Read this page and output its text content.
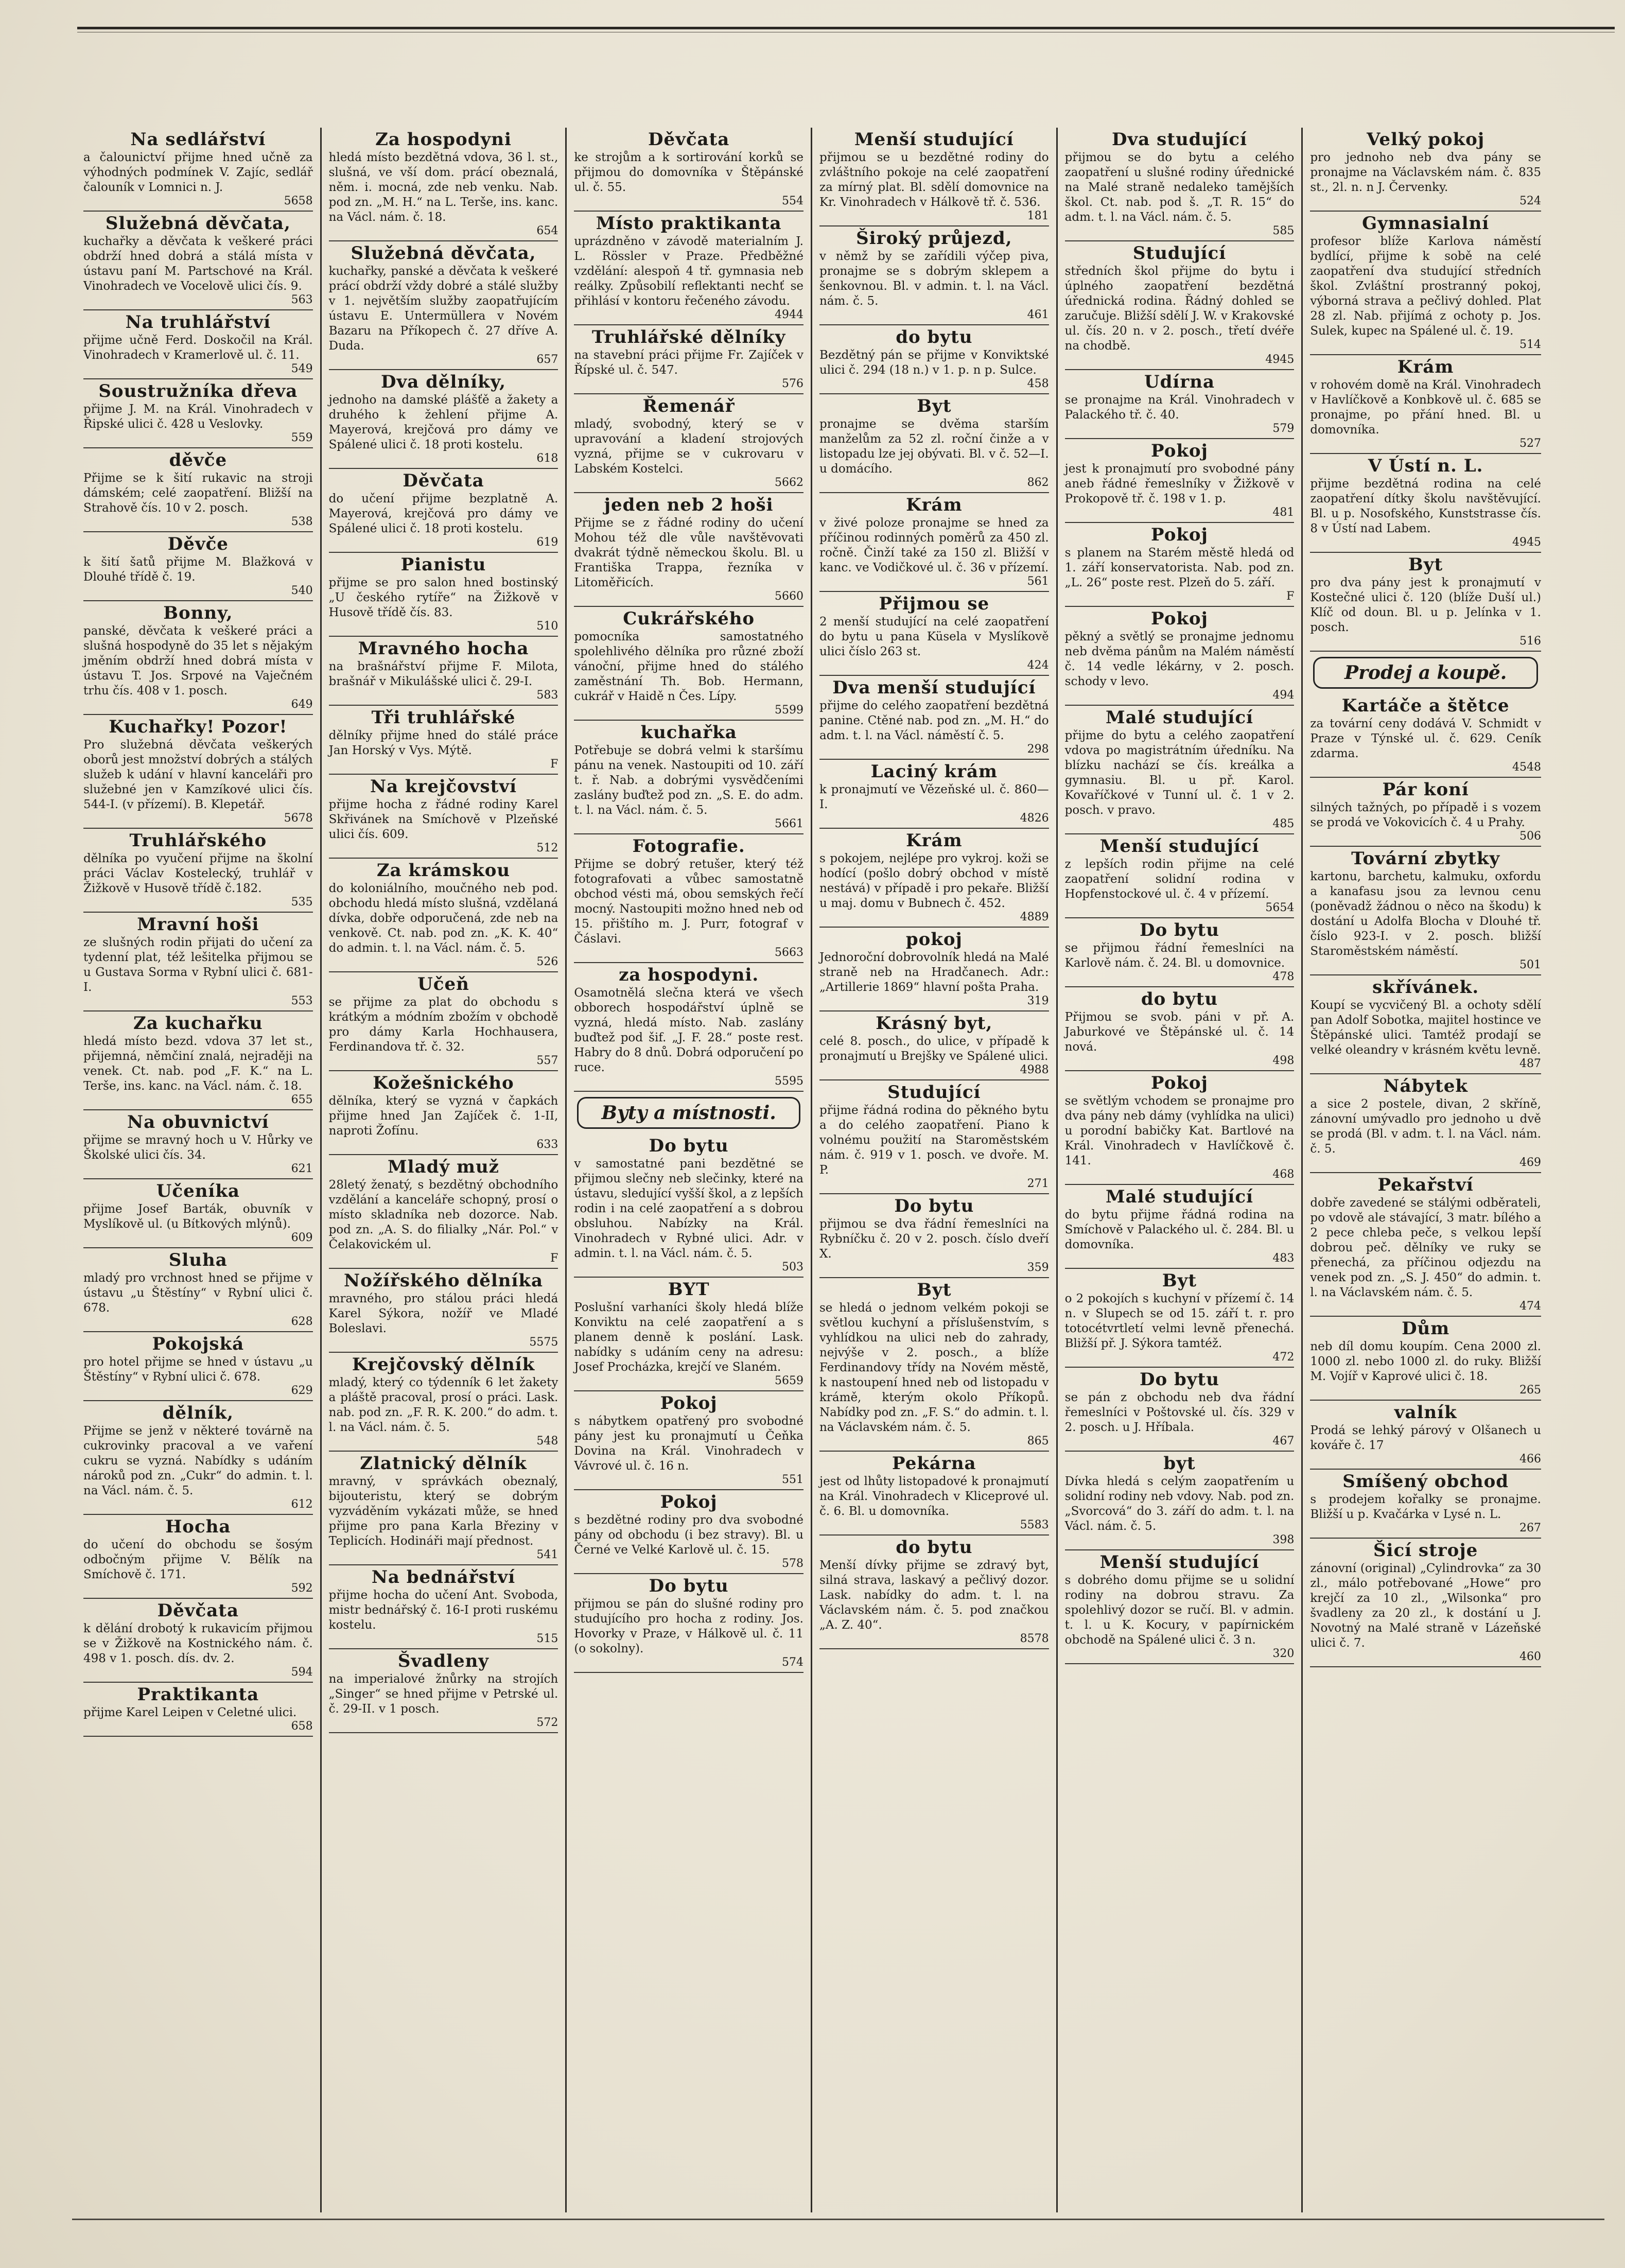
Na sedlářství

a čalounictví přijme hned učně za výhodných podmínek V. Zajíc, sedlář čalouník v Lomnici n. J.

5658
Služebná děvčata,

kuchařky a děvčata k veškeré práci obdrží hned dobrá a stálá místa v ústavu paní M. Partschové na Král. Vinohradech ve Vocelově ulici čís. 9.

563
Na truhlářství

přijme učně Ferd. Doskočil na Král. Vinohradech v Kramerlově ul. č. 11.

549
Soustružníka dřeva

přijme J. M. na Král. Vinohradech v Řipské ulici č. 428 u Veslovky.

559
děvče

Přijme se k šití rukavic na stroji dámském; celé zaopatření. Bližší na Strahově čís. 10 v 2. posch.

538
Děvče

k šití šatů přijme M. Blažková v Dlouhé třídě č. 19.

540
Bonny,

panské, děvčata k veškeré práci a slušná hospodyně do 35 let s nějakým jměním obdrží hned dobrá místa v ústavu T. Jos. Srpové na Vaječném trhu čís. 408 v 1. posch.

649
Kuchařky! Pozor!

Pro služebná děvčata veškerých oborů jest množství dobrých a stálých služeb k udání v hlavní kanceláři pro služebné jen v Kamzíkové ulici čís. 544-I. (v přízemí). B. Klepetář.

5678
Truhlářského

dělníka po vyučení přijme na školní práci Václav Kostelecký, truhlář v Žižkově v Husově třídě č.182.

535
Mravní hoši

ze slušných rodin přijati do učení za tydenní plat, též lešitelka přijmou se u Gustava Sorma v Rybní ulici č. 681-I.

553
Za kuchařku

hledá místo bezd. vdova 37 let st., přijemná, němčiní znalá, nejraději na venek. Ct. nab. pod „F. K.“ na L. Terše, ins. kanc. na Václ. nám. č. 18.

655
Na obuvnictví

přijme se mravný hoch u V. Hůrky ve Školské ulici čís. 34.

621
Učeníka

přijme Josef Barták, obuvník v Myslíkově ul. (u Bítkových mlýnů).

609
Sluha

mladý pro vrchnost hned se přijme v ústavu „u Štěstíny“ v Rybní ulici č. 678.

628
Pokojská

pro hotel přijme se hned v ústavu „u Štěstíny“ v Rybní ulici č. 678.

629
dělník,

Přijme se jenž v některé továrně na cukrovinky pracoval a ve vaření cukru se vyzná. Nabídky s udáním nároků pod zn. „Cukr“ do admin. t. l. na Václ. nám. č. 5.

612
Hocha

do učení do obchodu se šosým odbočným přijme V. Bělík na Smíchově č. 171.

592
Děvčata

k dělání drobotý k rukavicím přijmou se v Žižkově na Kostnického nám. č. 498 v 1. posch. dís. dv. 2.

594
Praktikanta

přijme Karel Leipen v Celetné ulici.

658
Za hospodyni

hledá místo bezdětná vdova, 36 l. st., slušná, ve vší dom. prácí obeznalá, něm. i. mocná, zde neb venku. Nab. pod zn. „M. H.“ na L. Terše, ins. kanc. na Václ. nám. č. 18.

654
Služebná děvčata,

kuchařky, panské a děvčata k veškeré prácí obdrží vždy dobré a stálé služby v 1. největším služby zaopatřujícím ústavu E. Untermüllera v Novém Bazaru na Příkopech č. 27 dříve A. Duda.

657
Dva dělníky,

jednoho na damské plášťě a žakety a druhého k žehlení přijme A. Mayerová, krejčová pro dámy ve Spálené ulici č. 18 proti kostelu.

618
Děvčata

do učení přijme bezplatně A. Mayerová, krejčová pro dámy ve Spálené ulici č. 18 proti kostelu.

619
Pianistu

přijme se pro salon hned bostinský „U českého rytíře“ na Žižkově v Husově třídě čís. 83.

510
Mravného hocha

na brašnářství přijme F. Milota, brašnář v Mikulášské ulici č. 29-I.

583
Tři truhlářské

dělníky přijme hned do stálé práce Jan Horský v Vys. Mýtě.

F
Na krejčovství

přijme hocha z řádné rodiny Karel Skřivánek na Smíchově v Plzeňské ulici čís. 609.

512
Za krámskou

do koloniálního, moučného neb pod. obchodu hledá místo slušná, vzdělaná dívka, dobře odporučená, zde neb na venkově. Ct. nab. pod zn. „K. K. 40“ do admin. t. l. na Václ. nám. č. 5.

526
Učeň

se přijme za plat do obchodu s krátkým a módním zbožím v obchodě pro dámy Karla Hochhausera, Ferdinandova tř. č. 32.

557
Kožešnického

dělníka, který se vyzná v čapkách přijme hned Jan Zajíček č. 1-II, naproti Žofínu.

633
Mladý muž

28letý ženatý, s bezdětný obchodního vzdělání a kanceláře schopný, prosí o místo skladníka neb dozorce. Nab. pod zn. „A. S. do filialky „Nár. Pol.“ v Čelakovickém ul.

F
Nožířského dělníka

mravného, pro stálou práci hledá Karel Sýkora, nožíř ve Mladé Boleslavi.

5575
Krejčovský dělník

mladý, který co týdenník 6 let žakety a pláště pracoval, prosí o práci. Lask. nab. pod zn. „F. R. K. 200.“ do adm. t. l. na Václ. nám. č. 5.

548
Zlatnický dělník

mravný, v správkách obeznalý, bijouteristu, který se dobrým vyzváděním vykázati může, se hned přijme pro pana Karla Březiny v Teplicích. Hodináři mají přednost.

541
Na bednářství

přijme hocha do učení Ant. Svoboda, mistr bednářský č. 16-I proti ruskému kostelu.

515
Švadleny

na imperialové žnůrky na strojích „Singer“ se hned přijme v Petrské ul. č. 29-II. v 1 posch.

572
Děvčata

ke strojům a k sortirování korků se přijmou do domovníka v Štěpánské ul. č. 55.

554
Místo praktikanta

uprázdněno v závodě materialním J. L. Rössler v Praze. Předběžné vzdělání: alespoň 4 tř. gymnasia neb reálky. Způsobilí reflektanti nechť se přihlásí v kontoru řečeného závodu.

4944
Truhlářské dělníky

na stavební práci přijme Fr. Zajíček v Řípské ul. č. 547.

576
Řemenář

mladý, svobodný, který se v upravování a kladení strojových vyzná, přijme se v cukrovaru v Labském Kostelci.

5662
jeden neb 2 hoši

Přijme se z řádné rodiny do učení Mohou též dle vůle navštěvovati dvakrát týdně německou školu. Bl. u Františka Trappa, řezníka v Litoměřicích.

5660
Cukrářského

pomocníka samostatného spolehlivého dělníka pro různé zboží vánoční, přijme hned do stálého zaměstnání Th. Bob. Hermann, cukrář v Haidě n Čes. Lípy.

5599
kuchařka

Potřebuje se dobrá velmi k staršímu pánu na venek. Nastoupiti od 10. září t. ř. Nab. a dobrými vysvědčeními zaslány buďtež pod zn. „S. E. do adm. t. l. na Václ. nám. č. 5.

5661
Fotografie.

Přijme se dobrý retušer, který též fotografovati a vůbec samostatně obchod vésti má, obou semských řečí mocný. Nastoupiti možno hned neb od 15. přištího m. J. Purr, fotograf v Čáslavi.

5663
za hospodyni.

Osamotnělá slečna která ve všech obborech hospodářství úplně se vyzná, hledá místo. Nab. zaslány buďtež pod šif. „J. F. 28.“ poste rest. Habry do 8 dnů. Dobrá odporučení po ruce.

5595
Byty a místnosti.
Do bytu

v samostatné pani bezdětné se přijmou slečny neb slečinky, které na ústavu, sledující vyšší škol, a z lepších rodin i na celé zaopatření a s dobrou obsluhou. Nabízky na Král. Vinohradech v Rybné ulici. Adr. v admin. t. l. na Václ. nám. č. 5.

503
BYT

Poslušní varhaníci školy hledá blíže Konviktu na celé zaopatření a s planem denně k poslání. Lask. nabídky s udáním ceny na adresu: Josef Procházka, krejčí ve Slaném.

5659
Pokoj

s nábytkem opatřený pro svobodné pány jest ku pronajmutí u Čeňka Dovina na Král. Vinohradech v Vávrové ul. č. 16 n.

551
Pokoj

s bezdětné rodiny pro dva svobodné pány od obchodu (i bez stravy). Bl. u Černé ve Velké Karlově ul. č. 15.

578
Do bytu

přijmou se pán do slušné rodiny pro studujícího pro hocha z rodiny. Jos. Hovorky v Praze, v Hálkově ul. č. 11 (o sokolny).

574
Menší studující

přijmou se u bezdětné rodiny do zvláštního pokoje na celé zaopatření za mírný plat. Bl. sdělí domovnice na Kr. Vinohradech v Hálkově tř. č. 536.

181
Široký průjezd,

v němž by se zařídili výčep piva, pronajme se s dobrým sklepem a šenkovnou. Bl. v admin. t. l. na Václ. nám. č. 5.

461
do bytu

Bezdětný pán se přijme v Konviktské ulici č. 294 (18 n.) v 1. p. n p. Sulce.

458
Byt

pronajme se dvěma starším manželům za 52 zl. roční činže a v listopadu lze jej obývati. Bl. v č. 52—I. u domácího.

862
Krám

v živé poloze pronajme se hned za příčinou rodinných poměrů za 450 zl. ročně. Činží také za 150 zl. Bližší v kanc. ve Vodičkové ul. č. 36 v přízemí.

561
Přijmou se

2 menší studující na celé zaopatření do bytu u pana Küsela v Myslíkově ulici číslo 263 st.

424
Dva menší studující

přijme do celého zaopatření bezdětná panine. Ctěné nab. pod zn. „M. H.“ do adm. t. l. na Václ. náměstí č. 5.

298
Laciný krám

k pronajmutí ve Vězeňské ul. č. 860—I.

4826
Krám

s pokojem, nejlépe pro vykroj. koži se hodící (pošlo dobrý obchod v místě nestává) v případě i pro pekaře. Bližší u maj. domu v Bubnech č. 452.

4889
pokoj

Jednoroční dobrovolník hledá na Malé straně neb na Hradčanech. Adr.: „Artillerie 1869“ hlavní pošta Praha.

319
Krásný byt,

celé 8. posch., do ulice, v případě k pronajmutí u Brejšky ve Spálené ulici.

4988
Studující

přijme řádná rodina do pěkného bytu a do celého zaopatření. Piano k volnému použití na Staroměstském nám. č. 919 v 1. posch. ve dvoře. M. P.

271
Do bytu

přijmou se dva řádní řemeslníci na Rybníčku č. 20 v 2. posch. číslo dveří X.

359
Byt

se hledá o jednom velkém pokoji se světlou kuchyní a příslušenstvím, s vyhlídkou na ulici neb do zahrady, nejvýše v 2. posch., a blíže Ferdinandovy třídy na Novém městě, k nastoupení hned neb od listopadu v krámě, kterým okolo Příkopů. Nabídky pod zn. „F. S.“ do admin. t. l. na Václavském nám. č. 5.

865
Pekárna

jest od lhůty listopadové k pronajmutí na Král. Vinohradech v Kliceprové ul. č. 6. Bl. u domovníka.

5583
do bytu

Menší dívky přijme se zdravý byt, silná strava, laskavý a pečlivý dozor. Lask. nabídky do adm. t. l. na Václavském nám. č. 5. pod značkou „A. Z. 40“.

8578
Dva studující

přijmou se do bytu a celého zaopatření u slušné rodiny úřednické na Malé straně nedaleko tamějších škol. Ct. nab. pod š. „T. R. 15“ do adm. t. l. na Václ. nám. č. 5.

585
Studující

středních škol přijme do bytu i úplného zaopatření bezdětná úřednická rodina. Řádný dohled se zaručuje. Bližší sdělí J. W. v Krakovské ul. čís. 20 n. v 2. posch., třetí dvéře na chodbě.

4945
Udírna

se pronajme na Král. Vinohradech v Palackého tř. č. 40.

579
Pokoj

jest k pronajmutí pro svobodné pány aneb řádné řemeslníky v Žižkově v Prokopově tř. č. 198 v 1. p.

481
Pokoj

s planem na Starém městě hledá od 1. září konservatorista. Nab. pod zn. „L. 26“ poste rest. Plzeň do 5. září.

F
Pokoj

pěkný a světlý se pronajme jednomu neb dvěma pánům na Malém náměstí č. 14 vedle lékárny, v 2. posch. schody v levo.

494
Malé studující

přijme do bytu a celého zaopatření vdova po magistrátním úředníku. Na blízku nachází se čís. kreálka a gymnasiu. Bl. u př. Karol. Kovaříčkové v Tunní ul. č. 1 v 2. posch. v pravo.

485
Menší studující

z lepších rodin přijme na celé zaopatření solidní rodina v Hopfenstockové ul. č. 4 v přízemí.

5654
Do bytu

se přijmou řádní řemeslníci na Karlově nám. č. 24. Bl. u domovnice.

478
do bytu

Přijmou se svob. páni v př. A. Jaburkové ve Štěpánské ul. č. 14 nová.

498
Pokoj

se světlým vchodem se pronajme pro dva pány neb dámy (vyhlídka na ulici) u porodní babičky Kat. Bartlové na Král. Vinohradech v Havlíčkově č. 141.

468
Malé studující

do bytu přijme řádná rodina na Smíchově v Palackého ul. č. 284. Bl. u domovníka.

483
Byt

o 2 pokojích s kuchyní v přízemí č. 14 n. v Slupech se od 15. září t. r. pro totocétvrtletí velmi levně přenechá. Bližší př. J. Sýkora tamtéž.

472
Do bytu

se pán z obchodu neb dva řádní řemeslníci v Poštovské ul. čís. 329 v 2. posch. u J. Hříbala.

467
byt

Dívka hledá s celým zaopatřením u solidní rodiny neb vdovy. Nab. pod zn. „Svorcová“ do 3. září do adm. t. l. na Václ. nám. č. 5.

398
Menší studující

s dobrého domu přijme se u solidní rodiny na dobrou stravu. Za spolehlivý dozor se ručí. Bl. v admin. t. l. u K. Kocury, v papírnickém obchodě na Spálené ulici č. 3 n.

320
Velký pokoj

pro jednoho neb dva pány se pronajme na Václavském nám. č. 835 st., 2l. n. n J. Červenky.

524
Gymnasialní

profesor blíže Karlova náměstí bydlící, přijme k sobě na celé zaopatření dva studující středních škol. Zvláštní prostranný pokoj, výborná strava a pečlivý dohled. Plat 28 zl. Nab. přijímá z ochoty p. Jos. Sulek, kupec na Spálené ul. č. 19.

514
Krám

v rohovém domě na Král. Vinohradech v Havlíčkově a Konbkově ul. č. 685 se pronajme, po přání hned. Bl. u domovníka.

527
V Ústí n. L.

přijme bezdětná rodina na celé zaopatření dítky školu navštěvující. Bl. u p. Nosofského, Kunststrasse čís. 8 v Ústí nad Labem.

4945
Byt

pro dva pány jest k pronajmutí v Kostečné ulici č. 120 (blíže Duší ul.) Klíč od doun. Bl. u p. Jelínka v 1. posch.

516
Prodej a koupě.
Kartáče a štětce

za tovární ceny dodává V. Schmidt v Praze v Týnské ul. č. 629. Ceník zdarma.

4548
Pár koní

silných tažných, po případě i s vozem se prodá ve Vokovicích č. 4 u Prahy.

506
Tovární zbytky

kartonu, barchetu, kalmuku, oxfordu a kanafasu jsou za levnou cenu (poněvadž žádnou o něco na škodu) k dostání u Adolfa Blocha v Dlouhé tř. číslo 923-I. v 2. posch. bližší Staroměstském náměstí.

501
skřívánek.

Koupí se vycvičený Bl. a ochoty sdělí pan Adolf Sobotka, majitel hostince ve Štěpánské ulici. Tamtéž prodají se velké oleandry v krásném květu levně.

487
Nábytek

a sice 2 postele, divan, 2 skříně, zánovní umývadlo pro jednoho u dvě se prodá (Bl. v adm. t. l. na Václ. nám. č. 5.

469
Pekařství

dobře zavedené se stálými odběrateli, po vdově ale stávající, 3 matr. bílého a 2 pece chleba peče, s velkou lepší dobrou peč. dělníky ve ruky se přenechá, za příčinou odjezdu na venek pod zn. „S. J. 450“ do admin. t. l. na Václavském nám. č. 5.

474
Dům

neb díl domu koupím. Cena 2000 zl. 1000 zl. nebo 1000 zl. do ruky. Bližší M. Vojíř v Kaprové ulici č. 18.

265
valník

Prodá se lehký párový v Olšanech u kováře č. 17

466
Smíšený obchod

s prodejem kořalky se pronajme. Bližší u p. Kvačárka v Lysé n. L.

267
Šicí stroje

zánovní (original) „Cylindrovka“ za 30 zl., málo potřebované „Howe“ pro krejčí za 10 zl., „Wilsonka“ pro švadleny za 20 zl., k dostání u J. Novotný na Malé straně v Lázeňské ulici č. 7.

460
